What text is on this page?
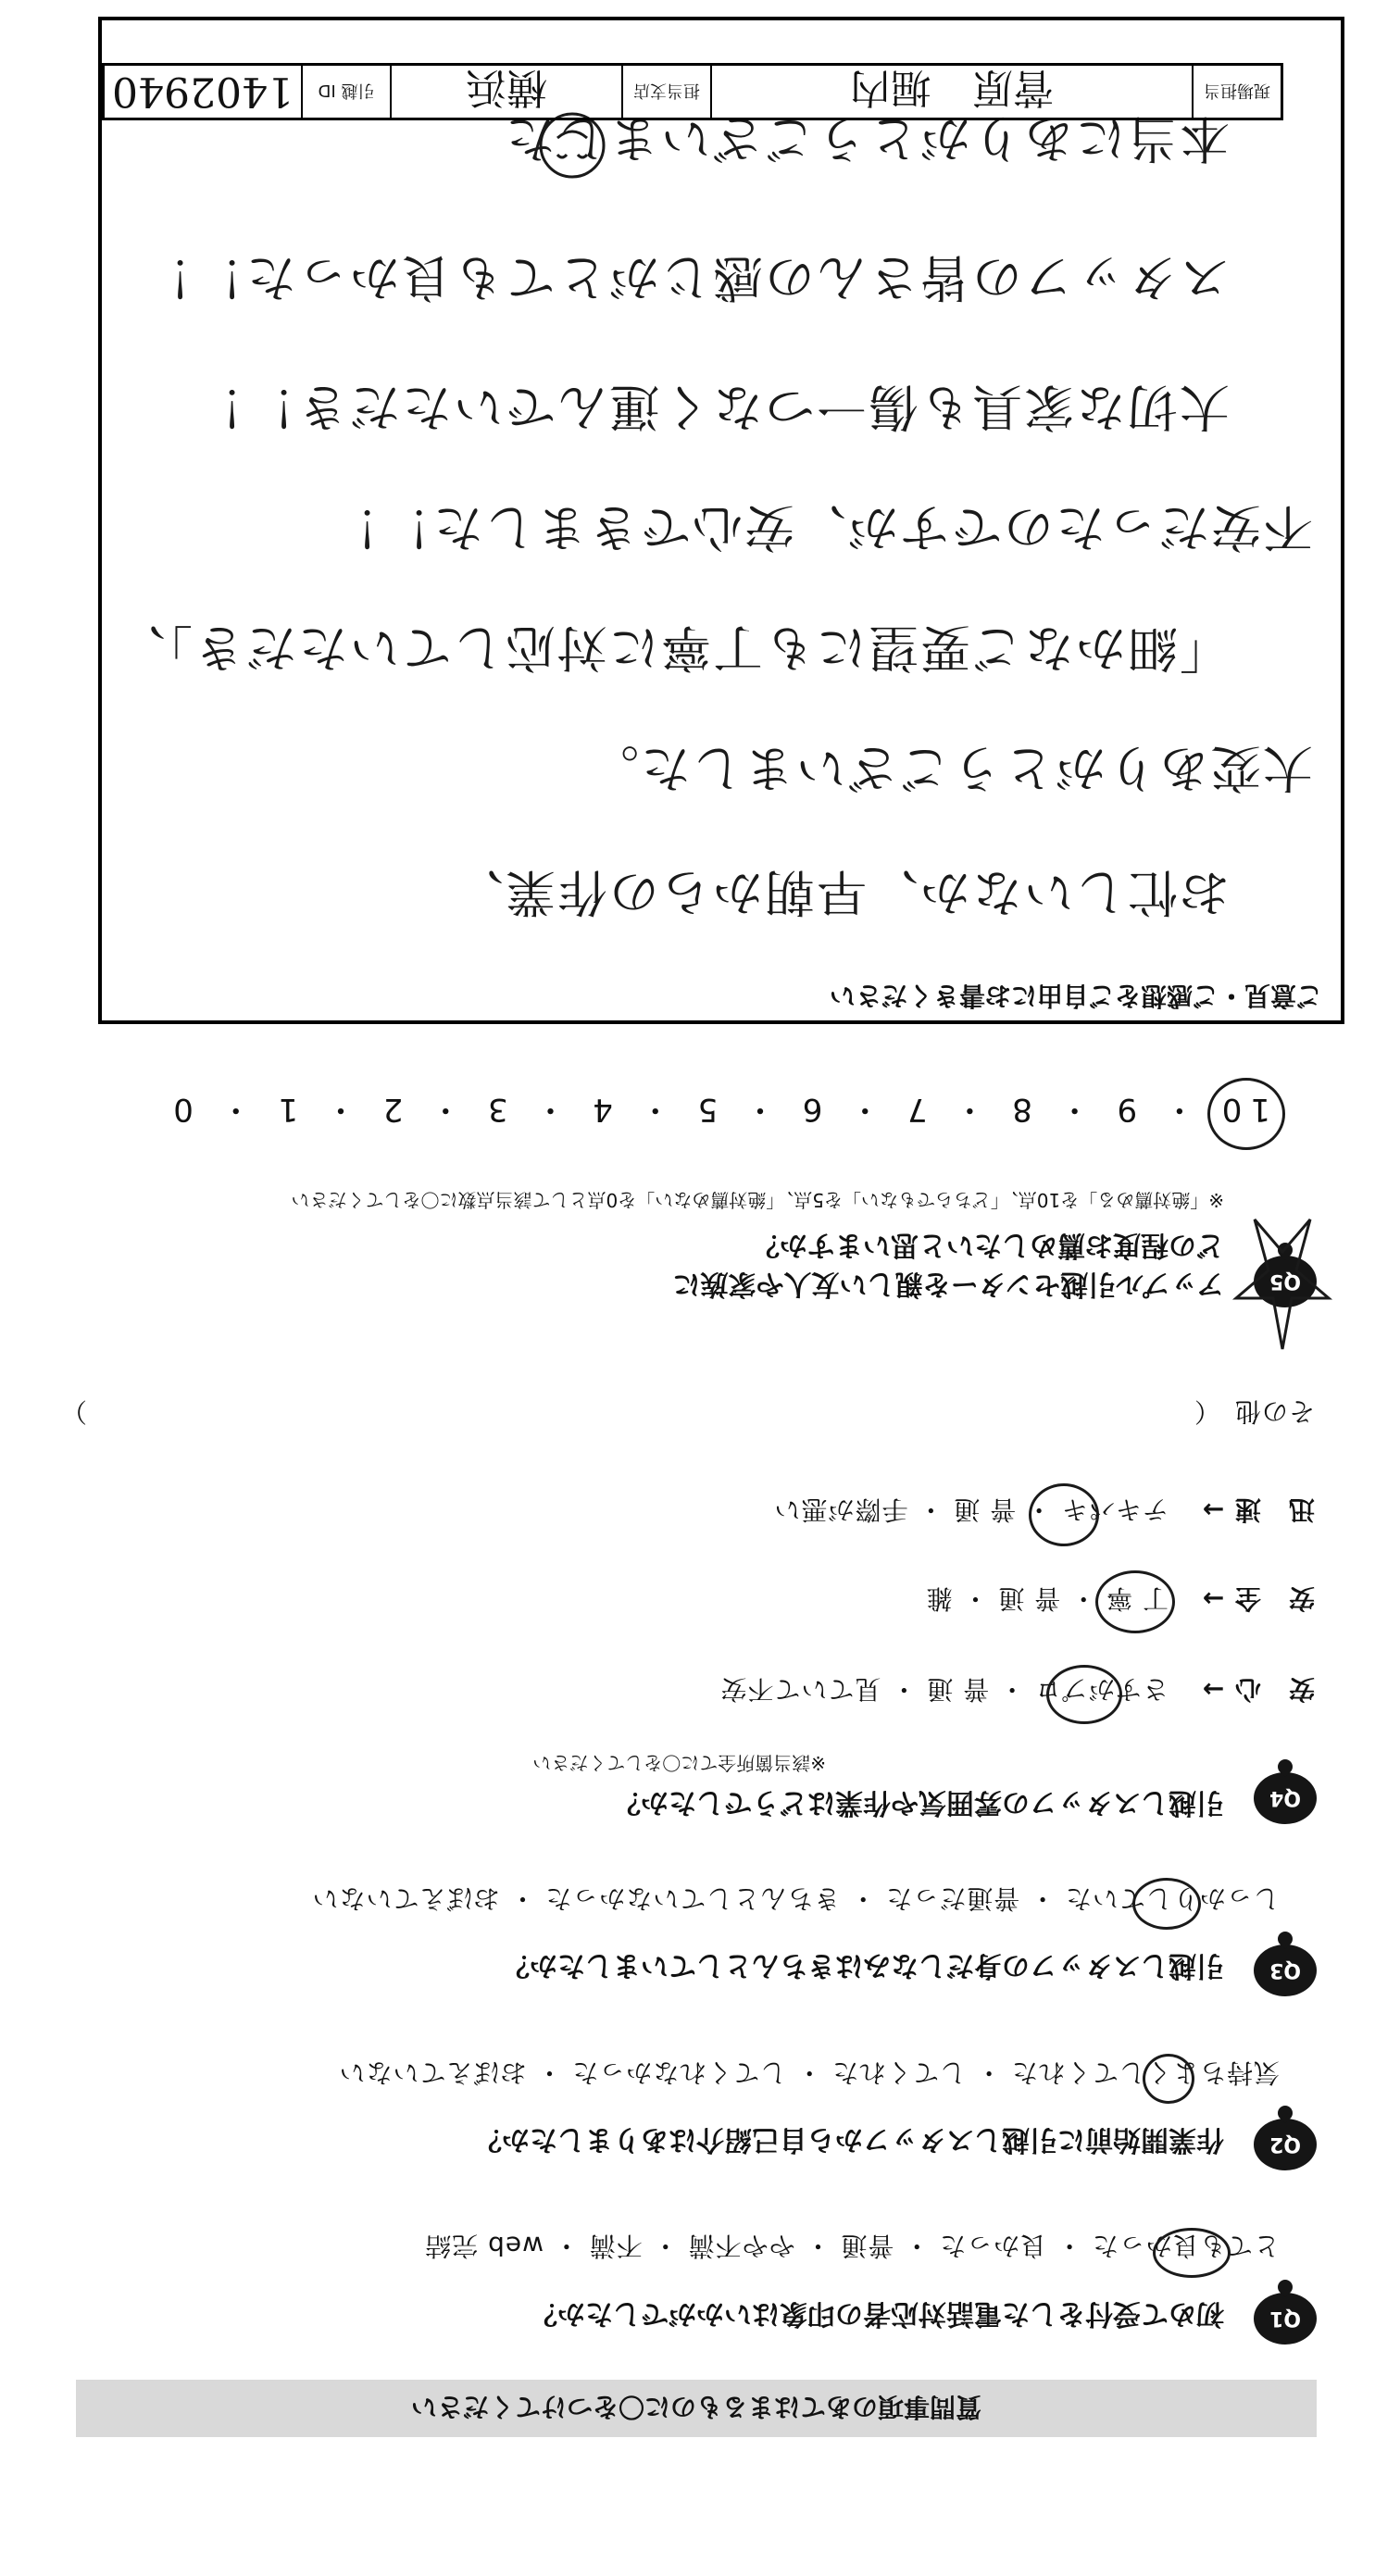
質問事項のあてはまるものに〇をつけてください
Q1
初めて受付をした電話対応者の印象はいかがでしたか？
とても良かった ・ 良かった ・ 普通 ・ やや不満 ・ 不満 ・ web 完結
Q2
作業開始前に引越しスタッフから自己紹介はありましたか？
気持ちよくしてくれた ・ してくれた ・ してくれなかった ・ おぼえていない
Q3
引越しスタッフの身だしなみはきちんとしていましたか？
しっかりしていた ・ 普通だった ・ きちんとしていなかった ・ おぼえていない
Q4
引越しスタッフの雰囲気や作業はどうでしたか？
※該当箇所全てに〇をしてください
安　心 →
さすがプロ ・ 普 通 ・ 見ていて不安
安　全 →
丁 寧 ・ 普 通 ・ 雑
迅　速 →
テキパキ ・ 普 通 ・ 手際が悪い
その他　（
）
Q5
アップル引越センターを親しい友人や家族に
どの程度お薦めしたいと思いますか？
※「絶対薦める」を10点、「どちらでもない」を5点、「絶対薦めない」を0点として該当点数に〇をしてください
10 ・ 9 ・ 8 ・ 7 ・ 6 ・ 5 ・ 4 ・ 3 ・ 2 ・ 1 ・ 0
ご意見・ご感想をご自由にお書きください
お忙しいなか、早朝からの作業、
大変ありがとうございました。
「細かなご要望にも丁寧に対応していただき」、
不安だったのですが、安心できました！！
大切な家具も傷一つなく運んでいただき！！
スタッフの皆さんの感じがとても良かった！！
本当にありがとうございました
現場担当
菅原　堀内
担当支店
横浜
引越 ID
1402940
